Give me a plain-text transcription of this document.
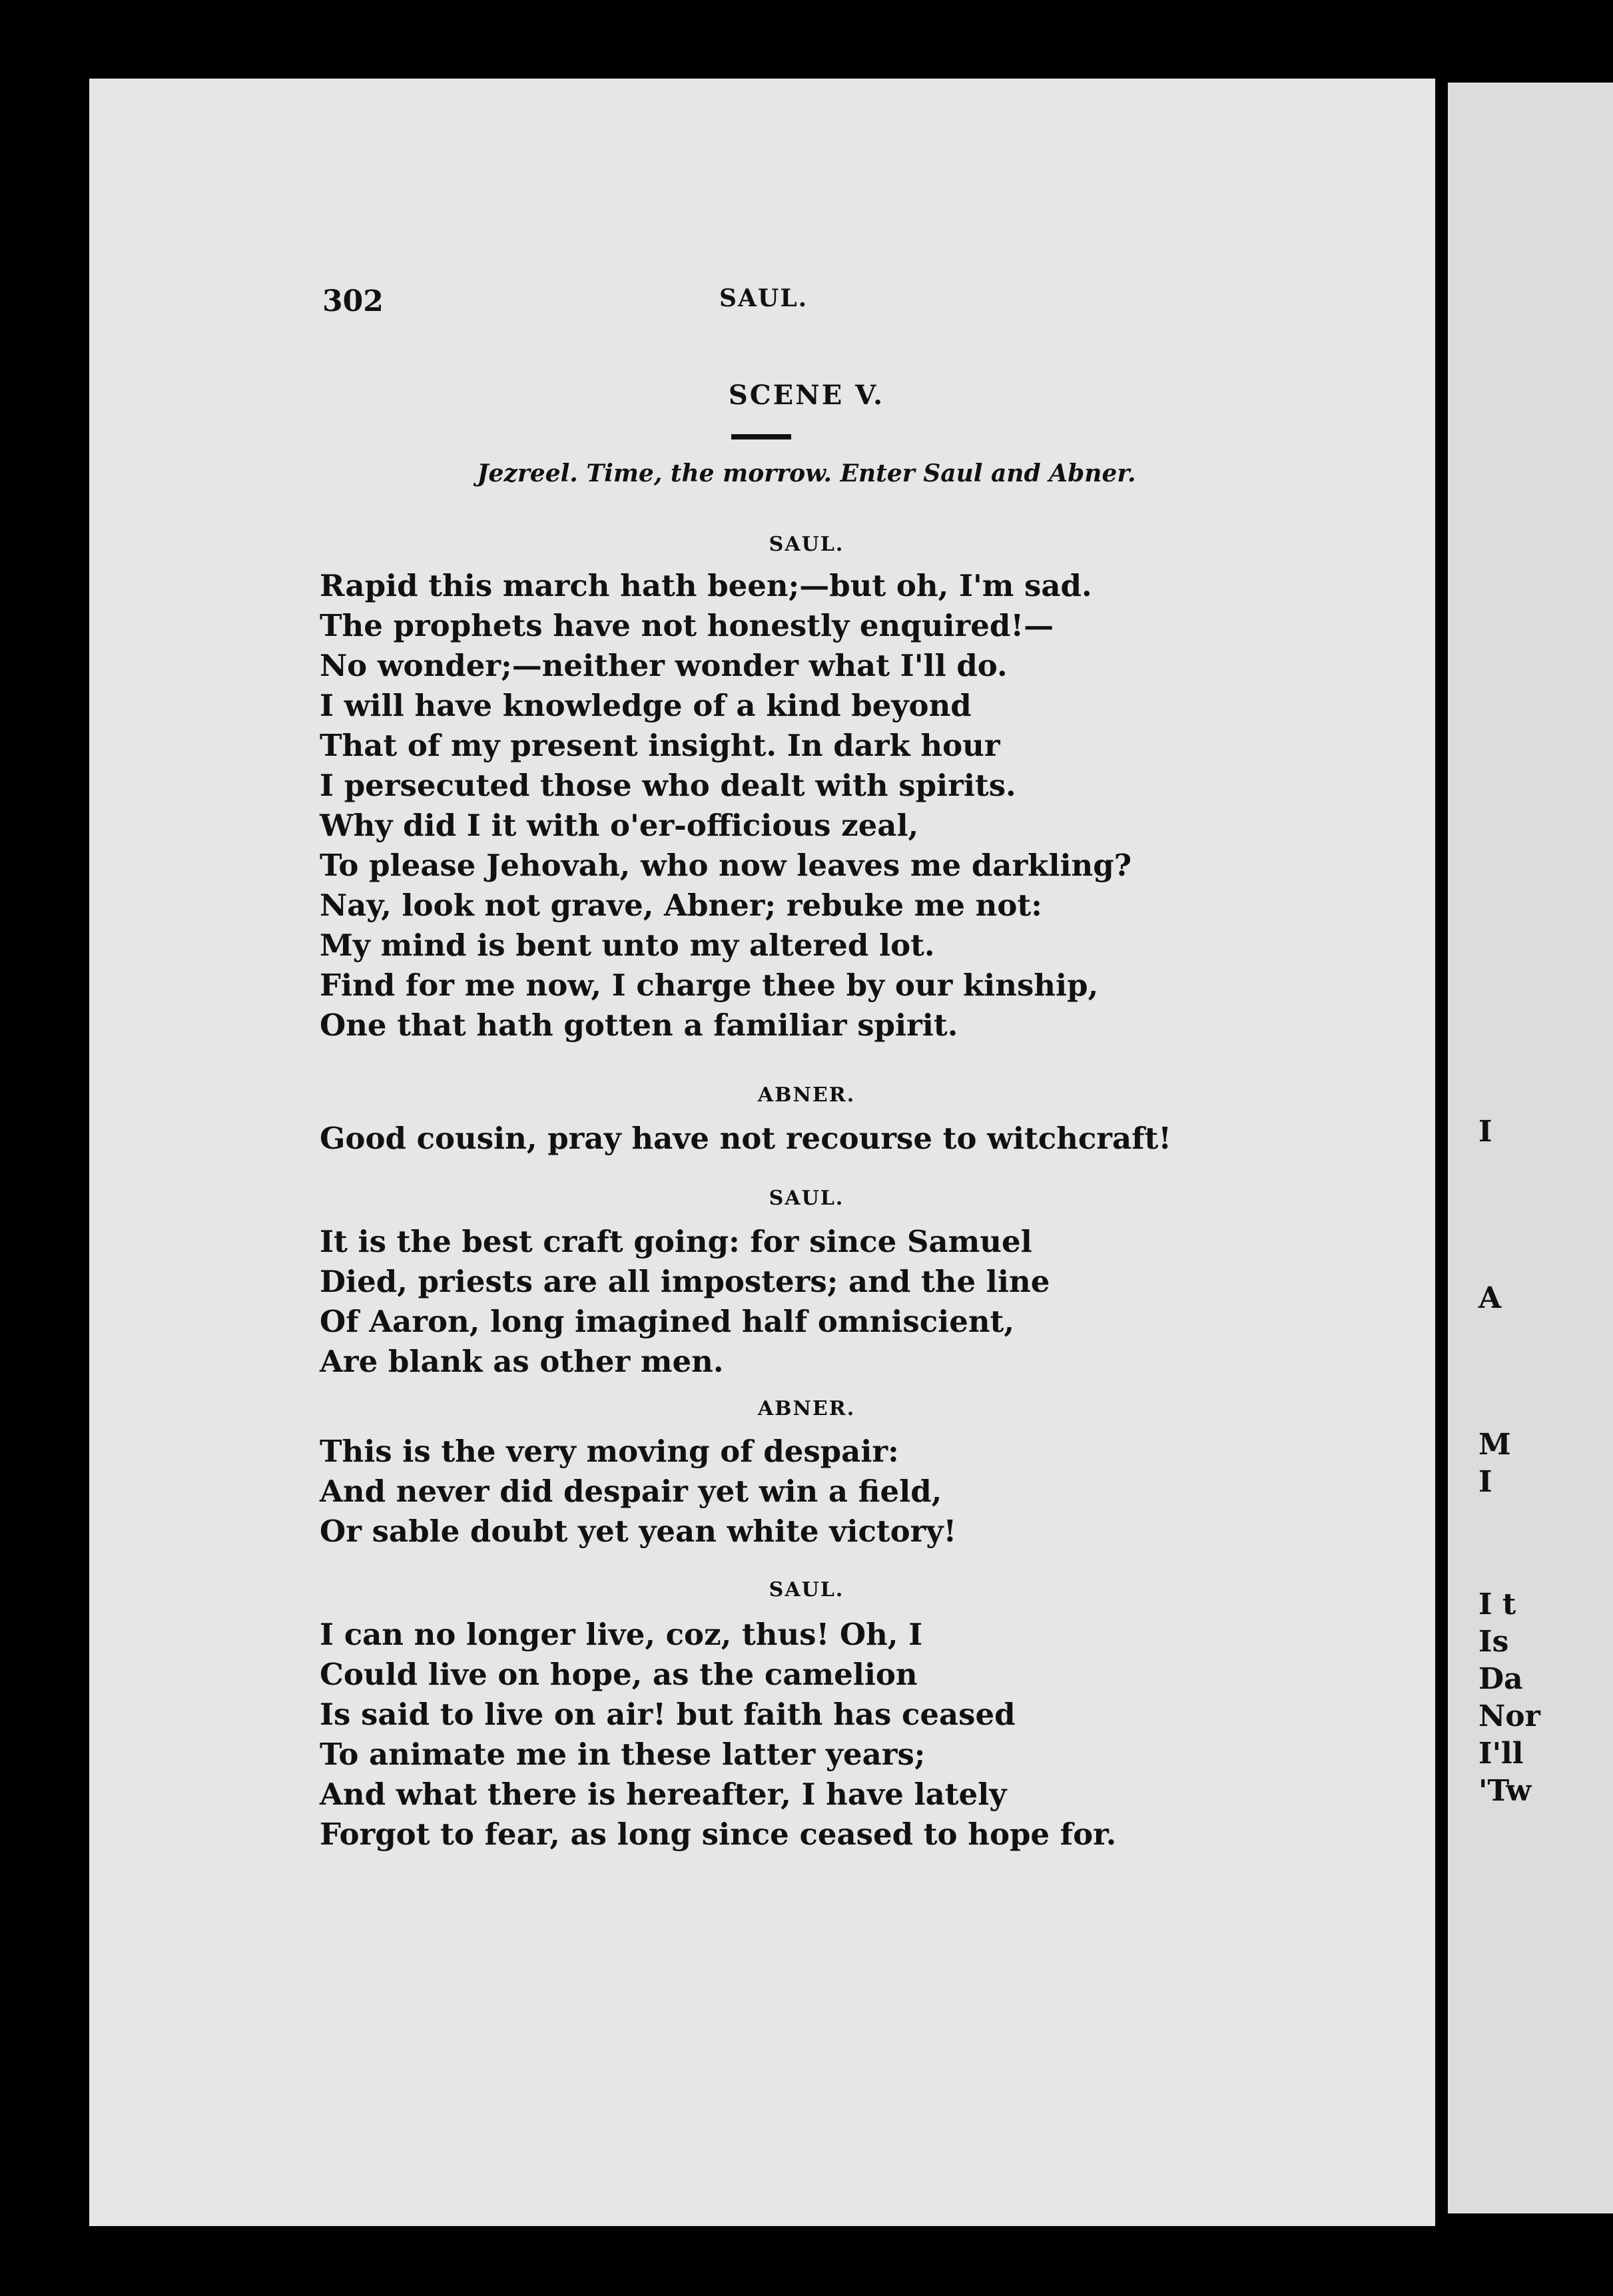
302	SAUL.
SCENE V.
Jezreel. Time, the morrow. Enter Saul and Abner.
SAUL.
Rapid this march hath been;—but oh, I'm sad.
The prophets have not honestly enquired!—
No wonder;—neither wonder what I'll do.
I will have knowledge of a kind beyond
That of my present insight. In dark hour
I persecuted those who dealt with spirits.
Why did I it with o'er-officious zeal,
To please Jehovah, who now leaves me darkling?
Nay, look not grave, Abner; rebuke me not:
My mind is bent unto my altered lot.
Find for me now, I charge thee by our kinship,
One that hath gotten a familiar spirit.
ABNER.
Good cousin, pray have not recourse to witchcraft!
SAUL.
It is the best craft going: for since Samuel
Died, priests are all imposters; and the line
Of Aaron, long imagined half omniscient,
Are blank as other men.
ABNER.
This is the very moving of despair:
And never did despair yet win a field,
Or sable doubt yet yean white victory!
SAUL.
I can no longer live, coz, thus! Oh, I
Could live on hope, as the camelion
Is said to live on air! but faith has ceased
To animate me in these latter years;
And what there is hereafter, I have lately
Forgot to fear, as long since ceased to hope for.
I
A
M
I
I t
Is
Da
Nor
I'll
'Tw
